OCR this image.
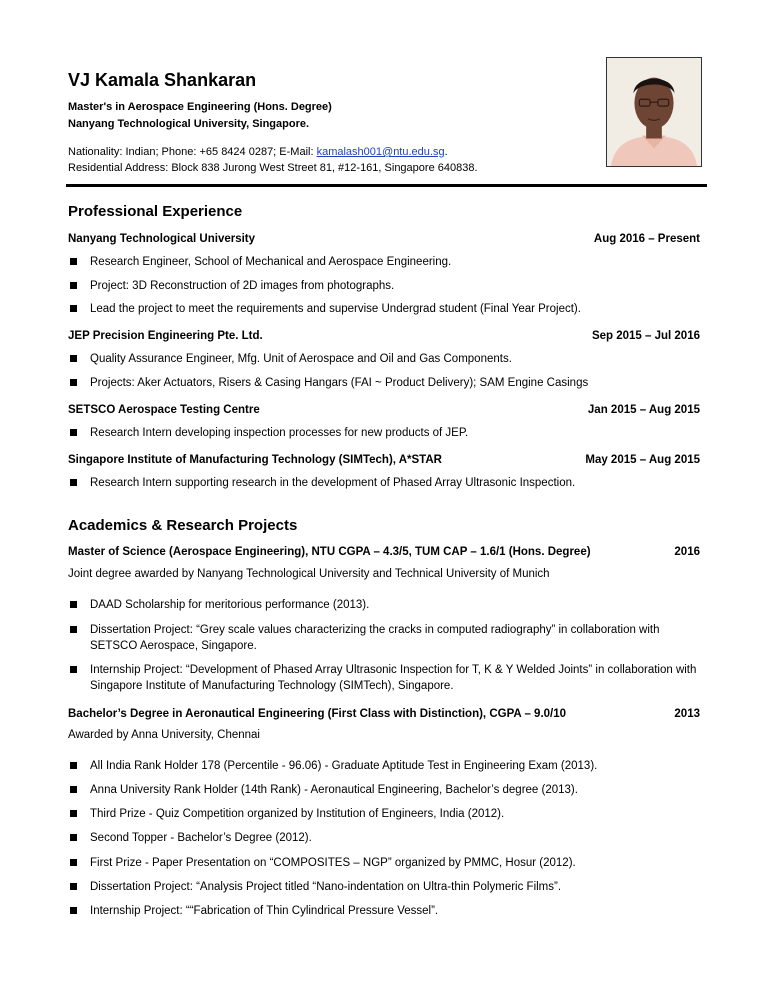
VJ Kamala Shankaran
Master's in Aerospace Engineering (Hons. Degree)
Nanyang Technological University, Singapore.
Nationality: Indian; Phone: +65 8424 0287; E-Mail: kamalash001@ntu.edu.sg.
Residential Address: Block 838 Jurong West Street 81, #12-161, Singapore 640838.
Professional Experience
Nanyang Technological University	Aug 2016 – Present
Research Engineer, School of Mechanical and Aerospace Engineering.
Project: 3D Reconstruction of 2D images from photographs.
Lead the project to meet the requirements and supervise Undergrad student (Final Year Project).
JEP Precision Engineering Pte. Ltd.	Sep 2015 – Jul 2016
Quality Assurance Engineer, Mfg. Unit of Aerospace and Oil and Gas Components.
Projects: Aker Actuators, Risers & Casing Hangars (FAI ~ Product Delivery); SAM Engine Casings
SETSCO Aerospace Testing Centre	Jan 2015 – Aug 2015
Research Intern developing inspection processes for new products of JEP.
Singapore Institute of Manufacturing Technology (SIMTech), A*STAR	May 2015 – Aug 2015
Research Intern supporting research in the development of Phased Array Ultrasonic Inspection.
Academics & Research Projects
Master of Science (Aerospace Engineering), NTU CGPA – 4.3/5, TUM CAP – 1.6/1 (Hons. Degree)	2016
Joint degree awarded by Nanyang Technological University and Technical University of Munich
DAAD Scholarship for meritorious performance (2013).
Dissertation Project: “Grey scale values characterizing the cracks in computed radiography” in collaboration with SETSCO Aerospace, Singapore.
Internship Project: “Development of Phased Array Ultrasonic Inspection for T, K & Y Welded Joints” in collaboration with Singapore Institute of Manufacturing Technology (SIMTech), Singapore.
Bachelor’s Degree in Aeronautical Engineering (First Class with Distinction), CGPA – 9.0/10	2013
Awarded by Anna University, Chennai
All India Rank Holder 178 (Percentile - 96.06) - Graduate Aptitude Test in Engineering Exam (2013).
Anna University Rank Holder (14th Rank) - Aeronautical Engineering, Bachelor’s degree (2013).
Third Prize - Quiz Competition organized by Institution of Engineers, India (2012).
Second Topper - Bachelor’s Degree (2012).
First Prize - Paper Presentation on “COMPOSITES – NGP” organized by PMMC, Hosur (2012).
Dissertation Project: “Analysis Project titled “Nano-indentation on Ultra-thin Polymeric Films”.
Internship Project: ““Fabrication of Thin Cylindrical Pressure Vessel”.
